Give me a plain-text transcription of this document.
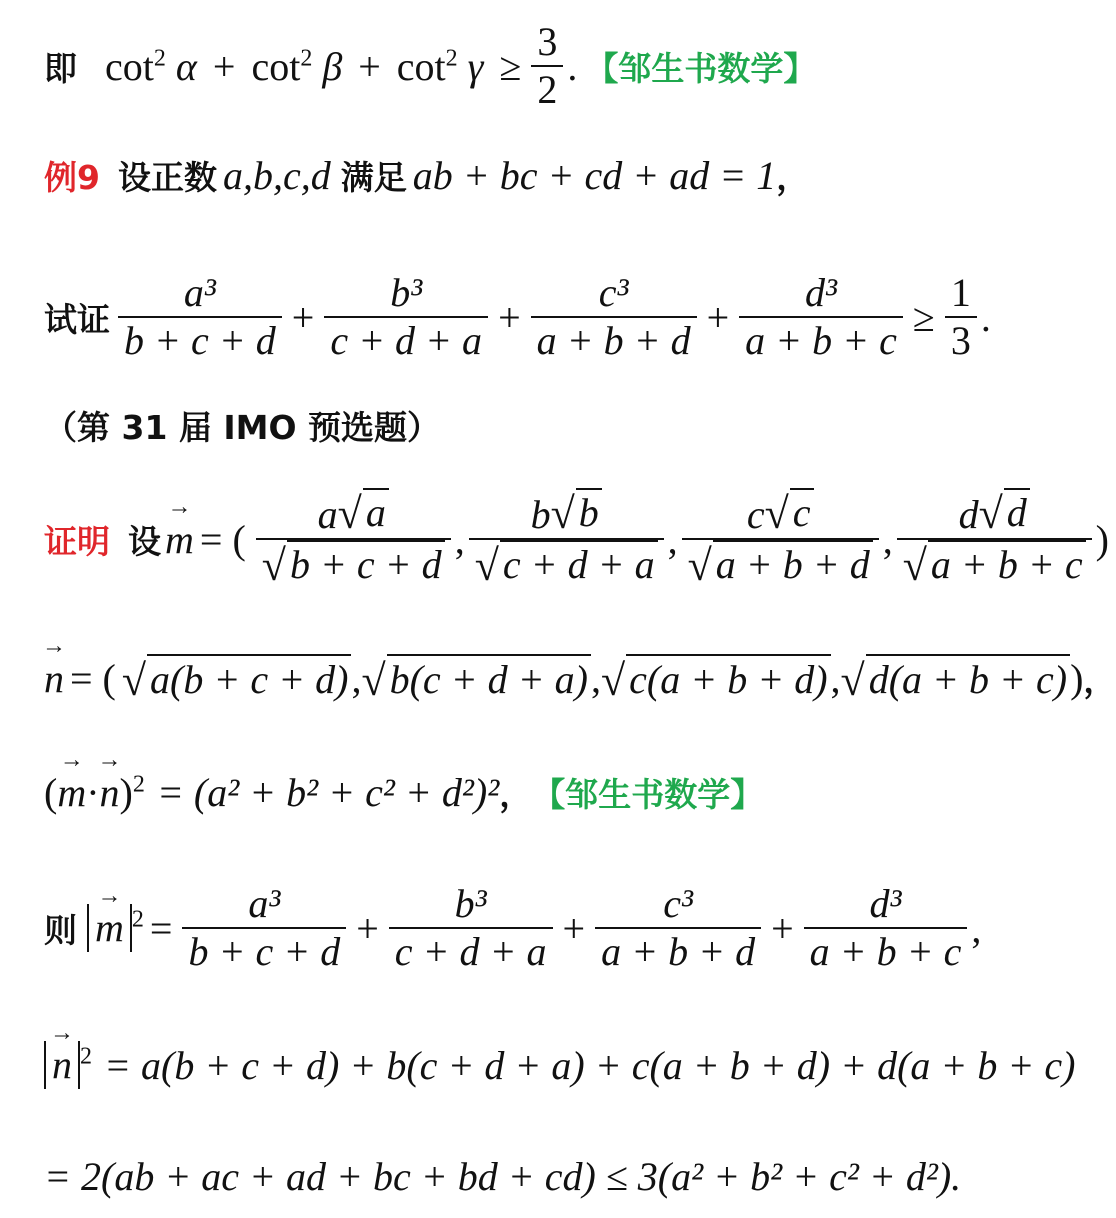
即 $\cot^2 \alpha + \cot^2 \beta + \cot^2 \gamma \ge \frac{3}{2}$ . 【邹生书数学】
例9 设正数 a,b,c,d 满足 ab + bc + cd + ad = 1 ，
试证 $\frac{\text{a³}}{b + c + d} + \frac{\text{b³}}{c + d + a} + \frac{\text{c³}}{a + b + d} + \frac{\text{d³}}{a + b + c} \ge \frac{1}{3}$ .
（第 31 届 IMO 预选题）
证明 设 → m = ( $\frac{a √ a}{√ b + c + d}$ , $\frac{b √ b}{√ c + d + a}$ , $\frac{c √ c}{√ a + b + d}$ , $\frac{d √ d}{√ a + b + c}$ )
→ n = ( √ a(b + c + d) , √ b(c + d + a) , √ c(a + b + d) , √ d(a + b + c) ) ，
(→ m·→ n)$^2$ = (a² + b² + c² + d²)² ， 【邹生书数学】
则 → m $^2 = \frac{\text{a³}}{b + c + d} + \frac{\text{b³}}{c + d + a} + \frac{\text{c³}}{a + b + d} + \frac{\text{d³}}{a + b + c}$ ,
→ n $^2$ = a(b + c + d) + b(c + d + a) + c(a + b + d) + d(a + b + c)
= 2(ab + ac + ad + bc + bd + cd) ≤ 3(a² + b² + c² + d²).
